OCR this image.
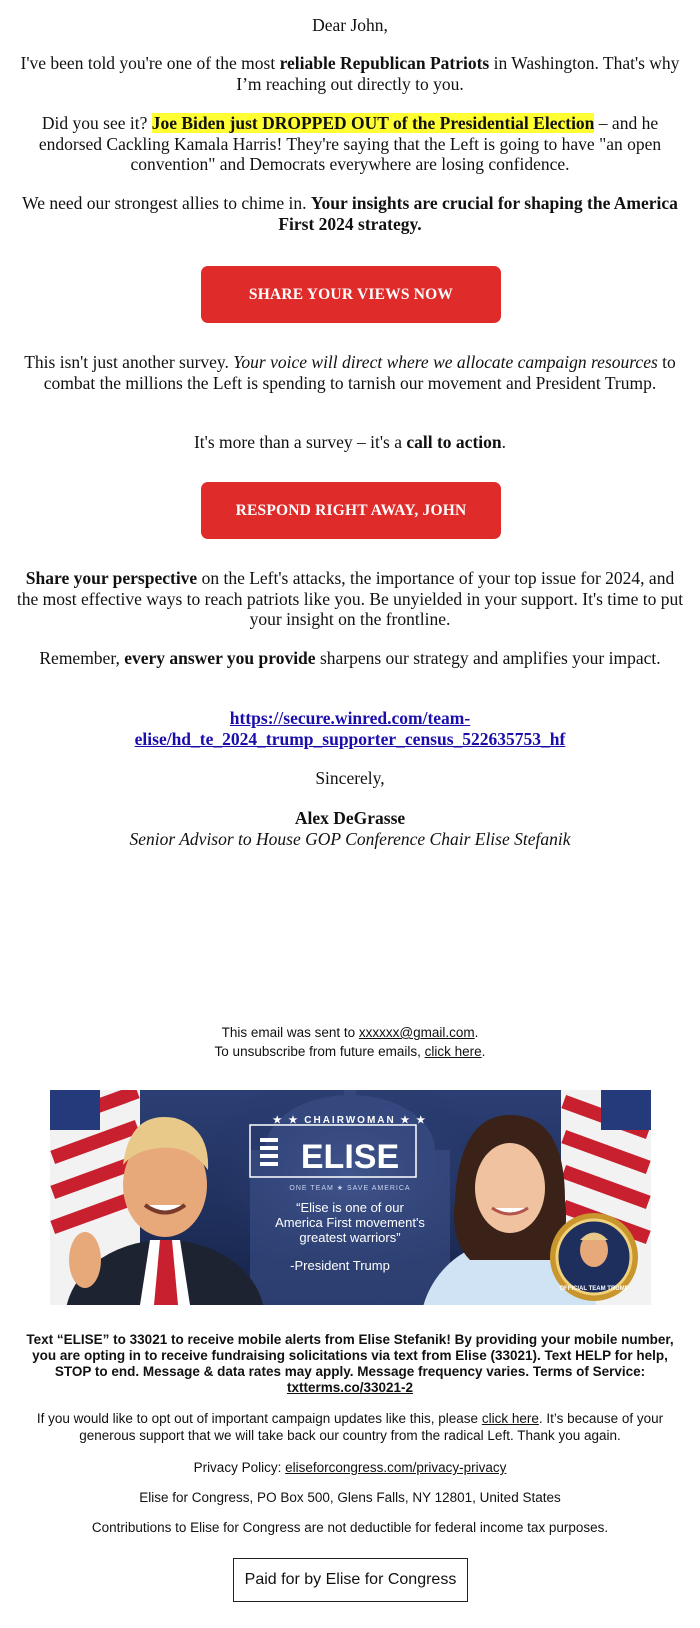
Dear John,
I've been told you're one of the most reliable Republican Patriots in Washington. That's why I’m reaching out directly to you.
Did you see it? Joe Biden just DROPPED OUT of the Presidential Election – and he endorsed Cackling Kamala Harris! They're saying that the Left is going to have "an open convention" and Democrats everywhere are losing confidence.
We need our strongest allies to chime in. Your insights are crucial for shaping the America First 2024 strategy.
SHARE YOUR VIEWS NOW
This isn't just another survey. Your voice will direct where we allocate campaign resources to combat the millions the Left is spending to tarnish our movement and President Trump.
It's more than a survey – it's a call to action.
RESPOND RIGHT AWAY, JOHN
Share your perspective on the Left's attacks, the importance of your top issue for 2024, and the most effective ways to reach patriots like you. Be unyielded in your support. It's time to put your insight on the frontline.
Remember, every answer you provide sharpens our strategy and amplifies your impact.
https://secure.winred.com/team-
elise/hd_te_2024_trump_supporter_census_522635753_hf
Sincerely,
Alex DeGrasse
Senior Advisor to House GOP Conference Chair Elise Stefanik
This email was sent to xxxxxx@gmail.com.
To unsubscribe from future emails, click here.
★ ★ CHAIRWOMAN ★ ★
ELISE
ONE TEAM ★ SAVE AMERICA
“Elise is one of our
America First movement's
greatest warriors”
-President Trump
OFFICIAL TEAM TRUMP
Text “ELISE” to 33021 to receive mobile alerts from Elise Stefanik! By providing your mobile number, you are opting in to receive fundraising solicitations via text from Elise (33021). Text HELP for help, STOP to end. Message & data rates may apply. Message frequency varies. Terms of Service: txtterms.co/33021-2
If you would like to opt out of important campaign updates like this, please click here. It’s because of your generous support that we will take back our country from the radical Left. Thank you again.
Privacy Policy: eliseforcongress.com/privacy-privacy
Elise for Congress, PO Box 500, Glens Falls, NY 12801, United States
Contributions to Elise for Congress are not deductible for federal income tax purposes.
Paid for by Elise for Congress
